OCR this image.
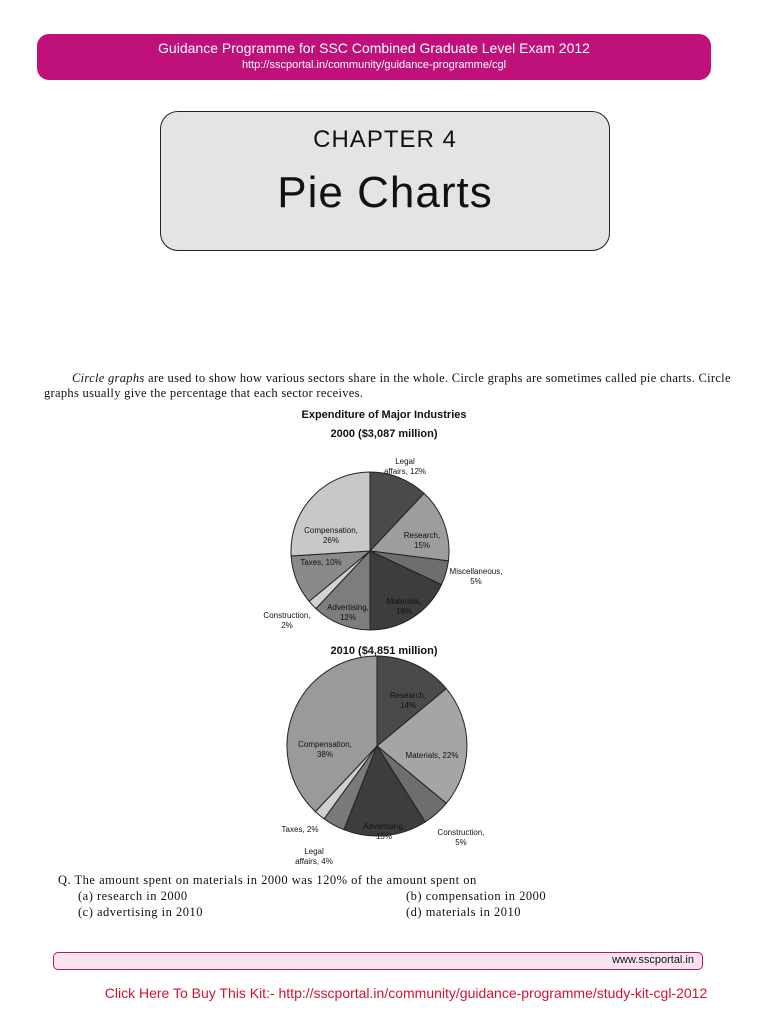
Guidance Programme for SSC Combined Graduate Level Exam 2012
http://sscportal.in/community/guidance-programme/cgl
CHAPTER 4
Pie Charts
Circle graphs are used to show how various sectors share in the whole. Circle graphs are sometimes called pie charts. Circle graphs usually give the percentage that each sector receives.
Expenditure of Major Industries
2000 ($3,087 million)
2010 ($4,851 million)
Legal affairs, 12%
Research, 15%
Miscellaneous, 5%
Materials, 18%
Advertising, 12%
Construction, 2%
Taxes, 10%
Compensation, 26%
Research, 14%
Materials, 22%
Construction, 5%
Advertising, 15%
Legal affairs, 4%
Taxes, 2%
Compensation, 38%
Q. The amount spent on materials in 2000 was 120% of the amount spent on
(a) research in 2000	(b) compensation in 2000
(c) advertising in 2010	(d) materials in 2010
www.sscportal.in
Click Here To Buy This Kit:- http://sscportal.in/community/guidance-programme/study-kit-cgl-2012
